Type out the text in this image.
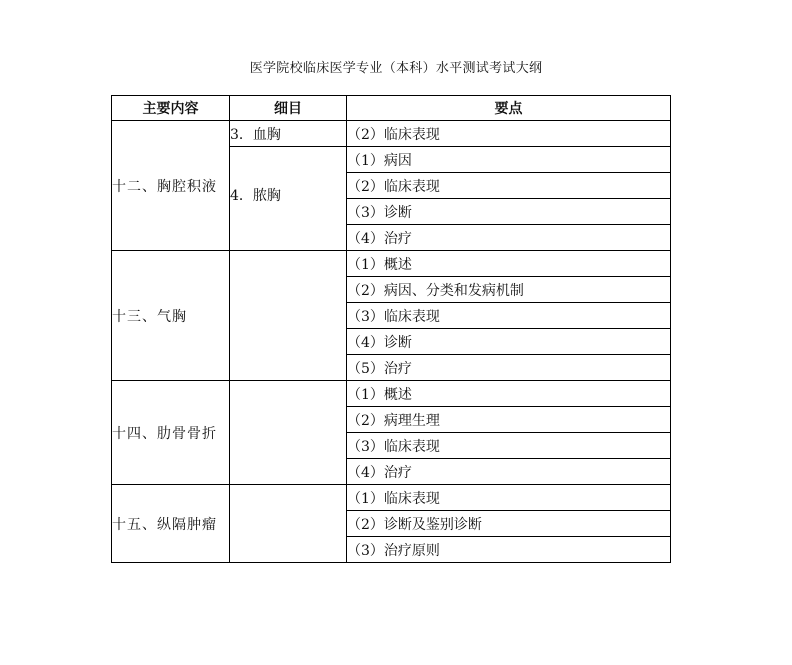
医学院校临床医学专业（本科）水平测试考试大纲
主要内容	细目	要点
十二、胸腔积液	3．血胸	（2）临床表现
	4．脓胸	（1）病因
		（2）临床表现
		（3）诊断
		（4）治疗
十三、气胸		（1）概述
		（2）病因、分类和发病机制
		（3）临床表现
		（4）诊断
		（5）治疗
十四、肋骨骨折		（1）概述
		（2）病理生理
		（3）临床表现
		（4）治疗
十五、纵隔肿瘤		（1）临床表现
		（2）诊断及鉴别诊断
		（3）治疗原则
